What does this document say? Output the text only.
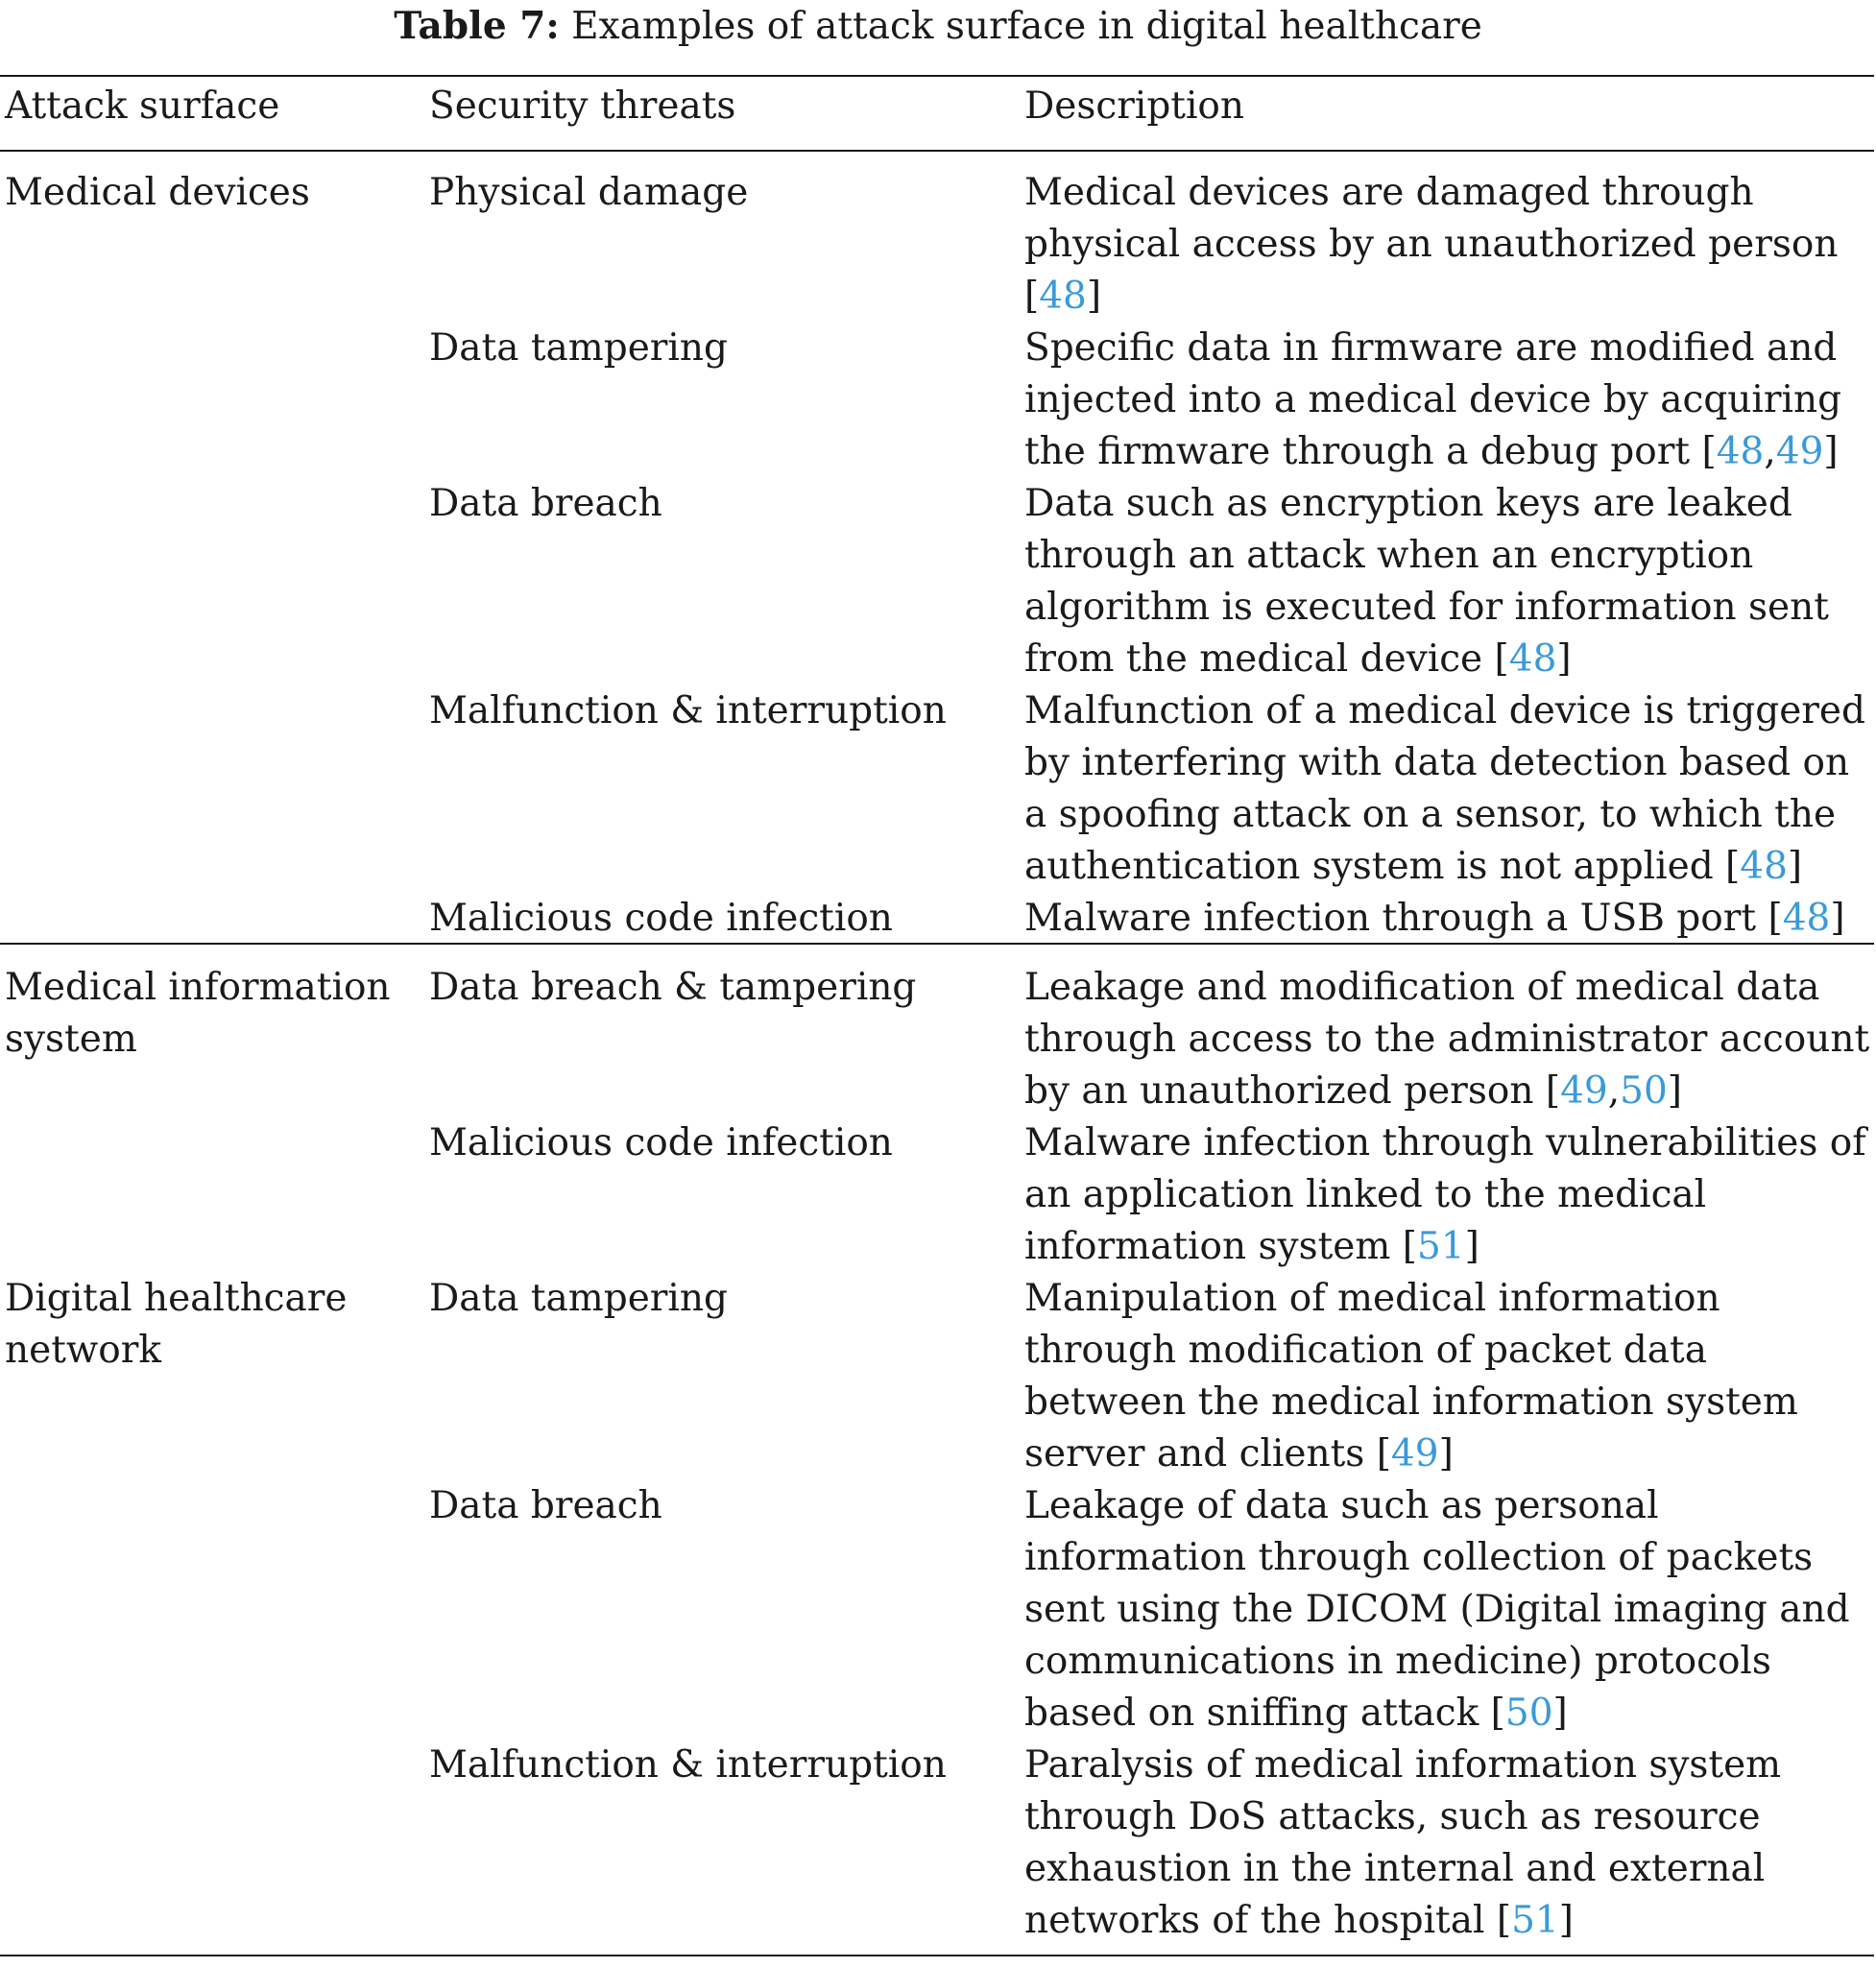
Table 7: Examples of attack surface in digital healthcare
Attack surface	Security threats	Description
Medical devices	Physical damage	Medical devices are damaged through physical access by an unauthorized person [48]
	Data tampering	Specific data in firmware are modified and injected into a medical device by acquiring the firmware through a debug port [48,49]
	Data breach	Data such as encryption keys are leaked through an attack when an encryption algorithm is executed for information sent from the medical device [48]
	Malfunction & interruption	Malfunction of a medical device is triggered by interfering with data detection based on a spoofing attack on a sensor, to which the authentication system is not applied [48]
	Malicious code infection	Malware infection through a USB port [48]
Medical information system	Data breach & tampering	Leakage and modification of medical data through access to the administrator account by an unauthorized person [49,50]
	Malicious code infection	Malware infection through vulnerabilities of an application linked to the medical information system [51]
Digital healthcare network	Data tampering	Manipulation of medical information through modification of packet data between the medical information system server and clients [49]
	Data breach	Leakage of data such as personal information through collection of packets sent using the DICOM (Digital imaging and communications in medicine) protocols based on sniffing attack [50]
	Malfunction & interruption	Paralysis of medical information system through DoS attacks, such as resource exhaustion in the internal and external networks of the hospital [51]
